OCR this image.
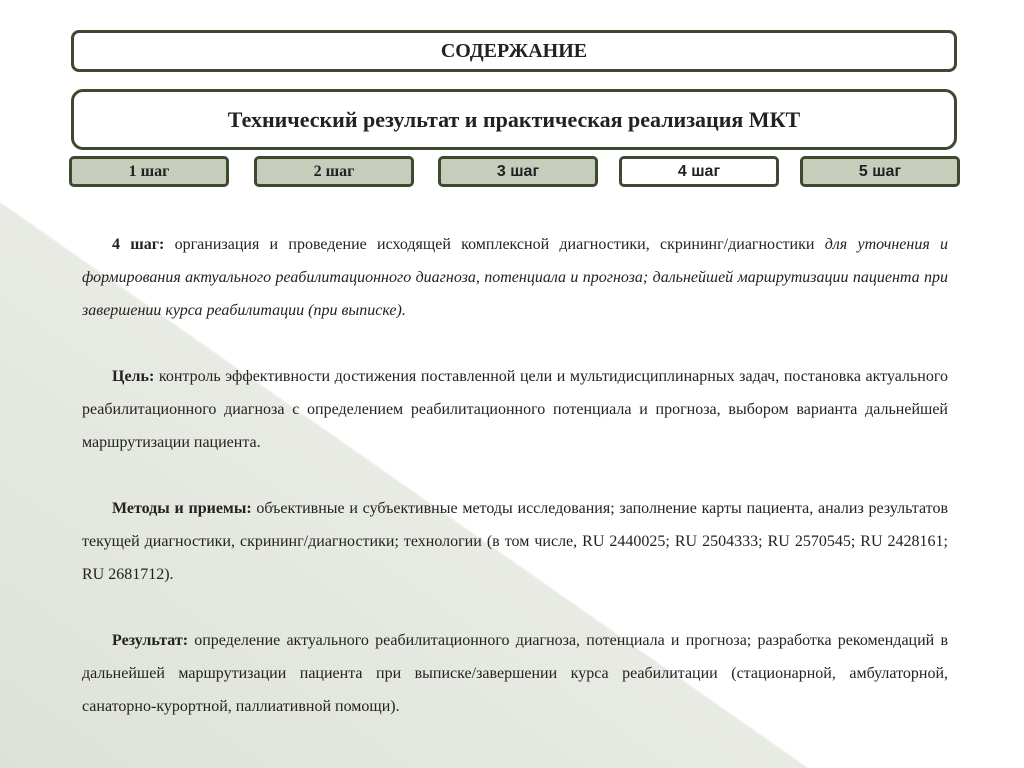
СОДЕРЖАНИЕ
Технический результат и практическая реализация МКТ
1 шаг	2 шаг	3 шаг	4 шаг	5 шаг

4 шаг: организация и проведение исходящей комплексной диагностики, скрининг/диагностики для уточнения и формирования актуального реабилитационного диагноза, потенциала и прогноза; дальнейшей маршрутизации пациента при завершении курса реабилитации (при выписке).

Цель: контроль эффективности достижения поставленной цели и мультидисциплинарных задач, постановка актуального реабилитационного диагноза с определением реабилитационного потенциала и прогноза, выбором варианта дальнейшей маршрутизации пациента.

Методы и приемы: объективные и субъективные методы исследования; заполнение карты пациента, анализ результатов текущей диагностики, скрининг/диагностики; технологии (в том числе, RU 2440025; RU 2504333; RU 2570545; RU 2428161; RU 2681712).

Результат: определение актуального реабилитационного диагноза, потенциала и прогноза; разработка рекомендаций в дальнейшей маршрутизации пациента при выписке/завершении курса реабилитации (стационарной, амбулаторной, санаторно-курортной, паллиативной помощи).
